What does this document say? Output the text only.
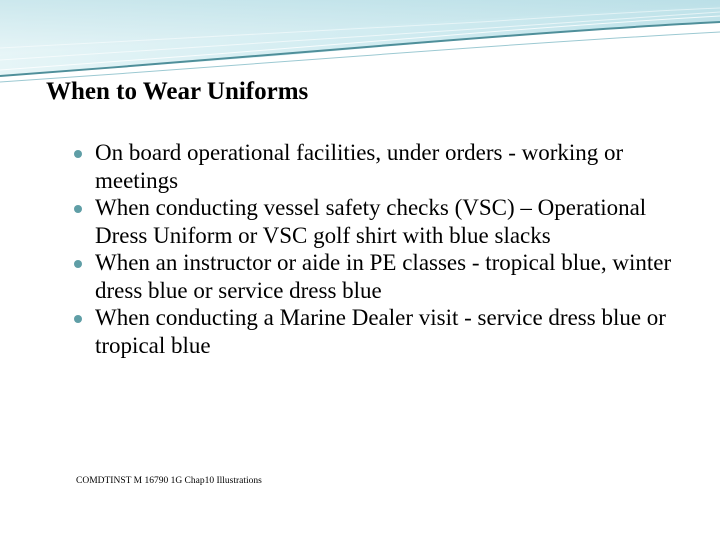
When to Wear Uniforms
On board operational facilities, under orders - working or meetings
When conducting vessel safety checks (VSC) – Operational Dress Uniform or VSC golf shirt with blue slacks
When an instructor or aide in PE classes - tropical blue, winter dress blue or service dress blue
When conducting a Marine Dealer visit - service dress blue or tropical blue
COMDTINST M 16790 1G Chap10 Illustrations
